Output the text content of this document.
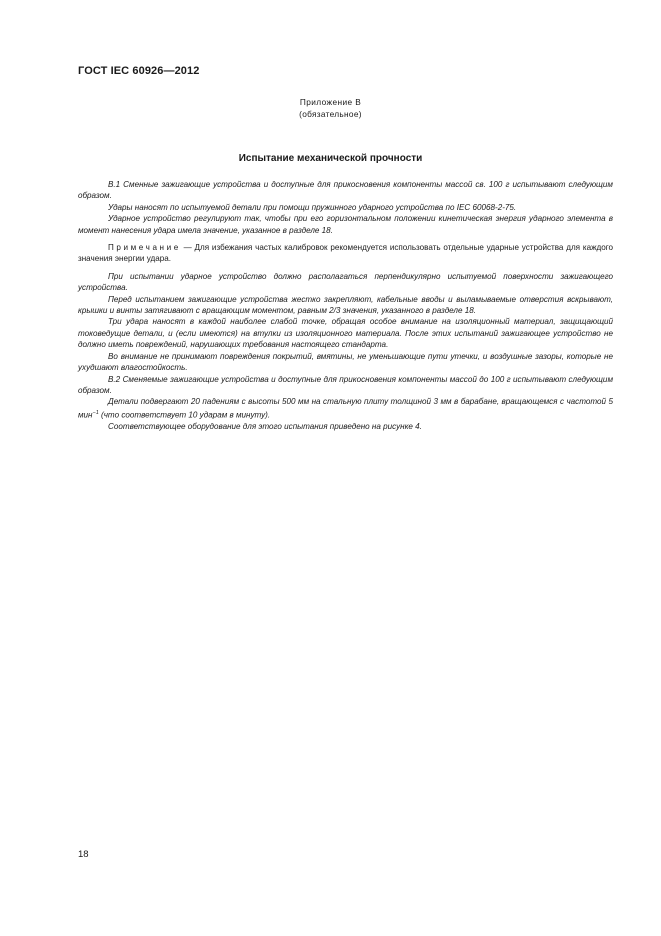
ГОСТ IEC 60926—2012
Приложение В
(обязательное)
Испытание механической прочности

В.1 Сменные зажигающие устройства и доступные для прикосновения компоненты массой св. 100 г испытывают следующим образом.

Удары наносят по испытуемой детали при помощи пружинного ударного устройства по IEC 60068-2-75.

Ударное устройство регулируют так, чтобы при его горизонтальном положении кинетическая энергия ударного элемента в момент нанесения удара имела значение, указанное в разделе 18.

Примечание — Для избежания частых калибровок рекомендуется использовать отдельные ударные устройства для каждого значения энергии удара.

При испытании ударное устройство должно располагаться перпендикулярно испытуемой поверхности зажигающего устройства.

Перед испытанием зажигающие устройства жестко закрепляют, кабельные вводы и выламываемые отверстия вскрывают, крышки и винты затягивают с вращающим моментом, равным 2/3 значения, указанного в разделе 18.

Три удара наносят в каждой наиболее слабой точке, обращая особое внимание на изоляционный материал, защищающий токоведущие детали, и (если имеются) на втулки из изоляционного материала. После этих испытаний зажигающее устройство не должно иметь повреждений, нарушающих требования настоящего стандарта.

Во внимание не принимают повреждения покрытий, вмятины, не уменьшающие пути утечки, и воздушные зазоры, которые не ухудшают влагостойкость.

В.2 Сменяемые зажигающие устройства и доступные для прикосновения компоненты массой до 100 г испытывают следующим образом.

Детали подвергают 20 падениям с высоты 500 мм на стальную плиту толщиной 3 мм в барабане, вращающемся с частотой 5 мин$^{-1}$ (что соответствует 10 ударам в минуту).

Соответствующее оборудование для этого испытания приведено на рисунке 4.

18
